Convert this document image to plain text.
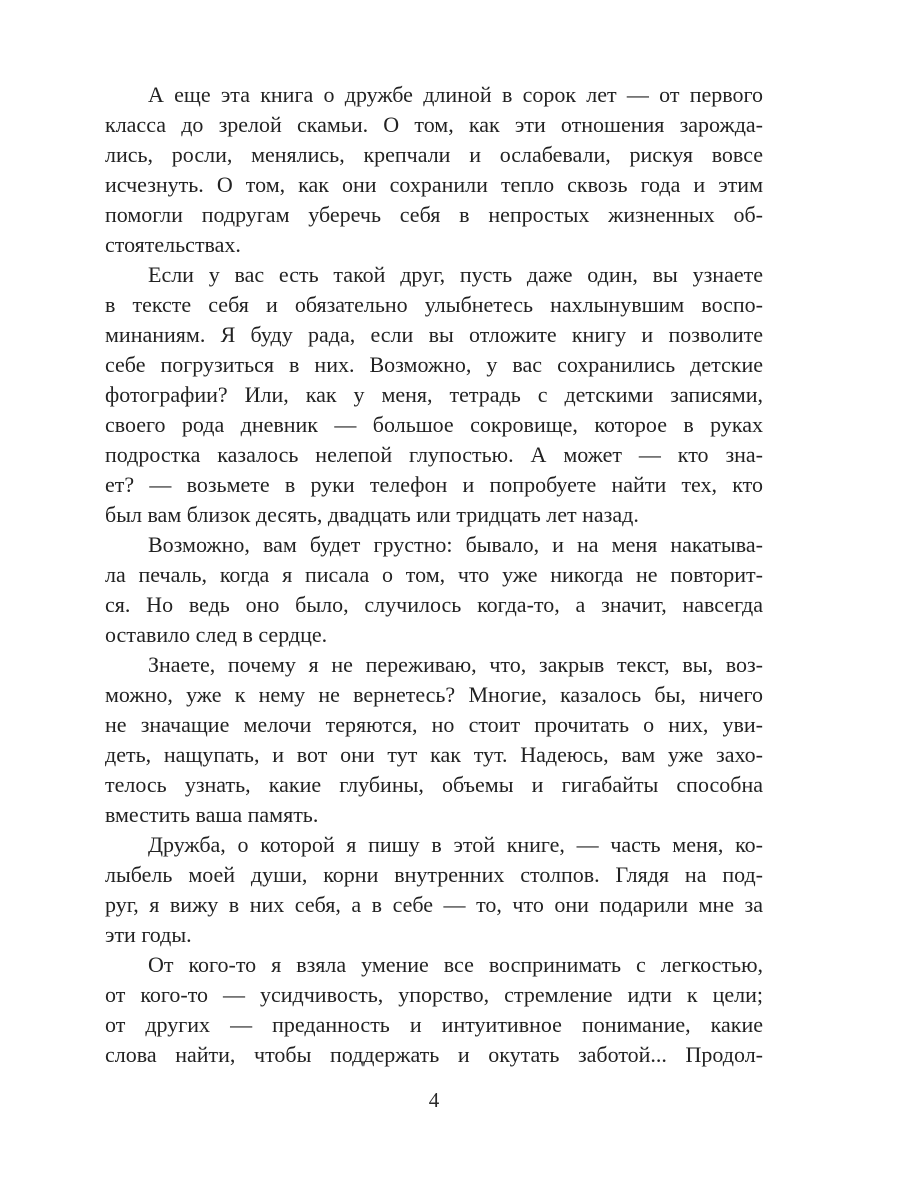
А еще эта книга о дружбе длиной в сорок лет — от первого
класса до зрелой скамьи. О том, как эти отношения зарожда-
лись, росли, менялись, крепчали и ослабевали, рискуя вовсе
исчезнуть. О том, как они сохранили тепло сквозь года и этим
помогли подругам уберечь себя в непростых жизненных об-
стоятельствах.
Если у вас есть такой друг, пусть даже один, вы узнаете
в тексте себя и обязательно улыбнетесь нахлынувшим воспо-
минаниям. Я буду рада, если вы отложите книгу и позволите
себе погрузиться в них. Возможно, у вас сохранились детские
фотографии? Или, как у меня, тетрадь с детскими записями,
своего рода дневник — большое сокровище, которое в руках
подростка казалось нелепой глупостью. А может — кто зна-
ет? — возьмете в руки телефон и попробуете найти тех, кто
был вам близок десять, двадцать или тридцать лет назад.
Возможно, вам будет грустно: бывало, и на меня накатыва-
ла печаль, когда я писала о том, что уже никогда не повторит-
ся. Но ведь оно было, случилось когда-то, а значит, навсегда
оставило след в сердце.
Знаете, почему я не переживаю, что, закрыв текст, вы, воз-
можно, уже к нему не вернетесь? Многие, казалось бы, ничего
не значащие мелочи теряются, но стоит прочитать о них, уви-
деть, нащупать, и вот они тут как тут. Надеюсь, вам уже захо-
телось узнать, какие глубины, объемы и гигабайты способна
вместить ваша память.
Дружба, о которой я пишу в этой книге, — часть меня, ко-
лыбель моей души, корни внутренних столпов. Глядя на под-
руг, я вижу в них себя, а в себе — то, что они подарили мне за
эти годы.
От кого-то я взяла умение все воспринимать с легкостью,
от кого-то — усидчивость, упорство, стремление идти к цели;
от других — преданность и интуитивное понимание, какие
слова найти, чтобы поддержать и окутать заботой... Продол-
4
